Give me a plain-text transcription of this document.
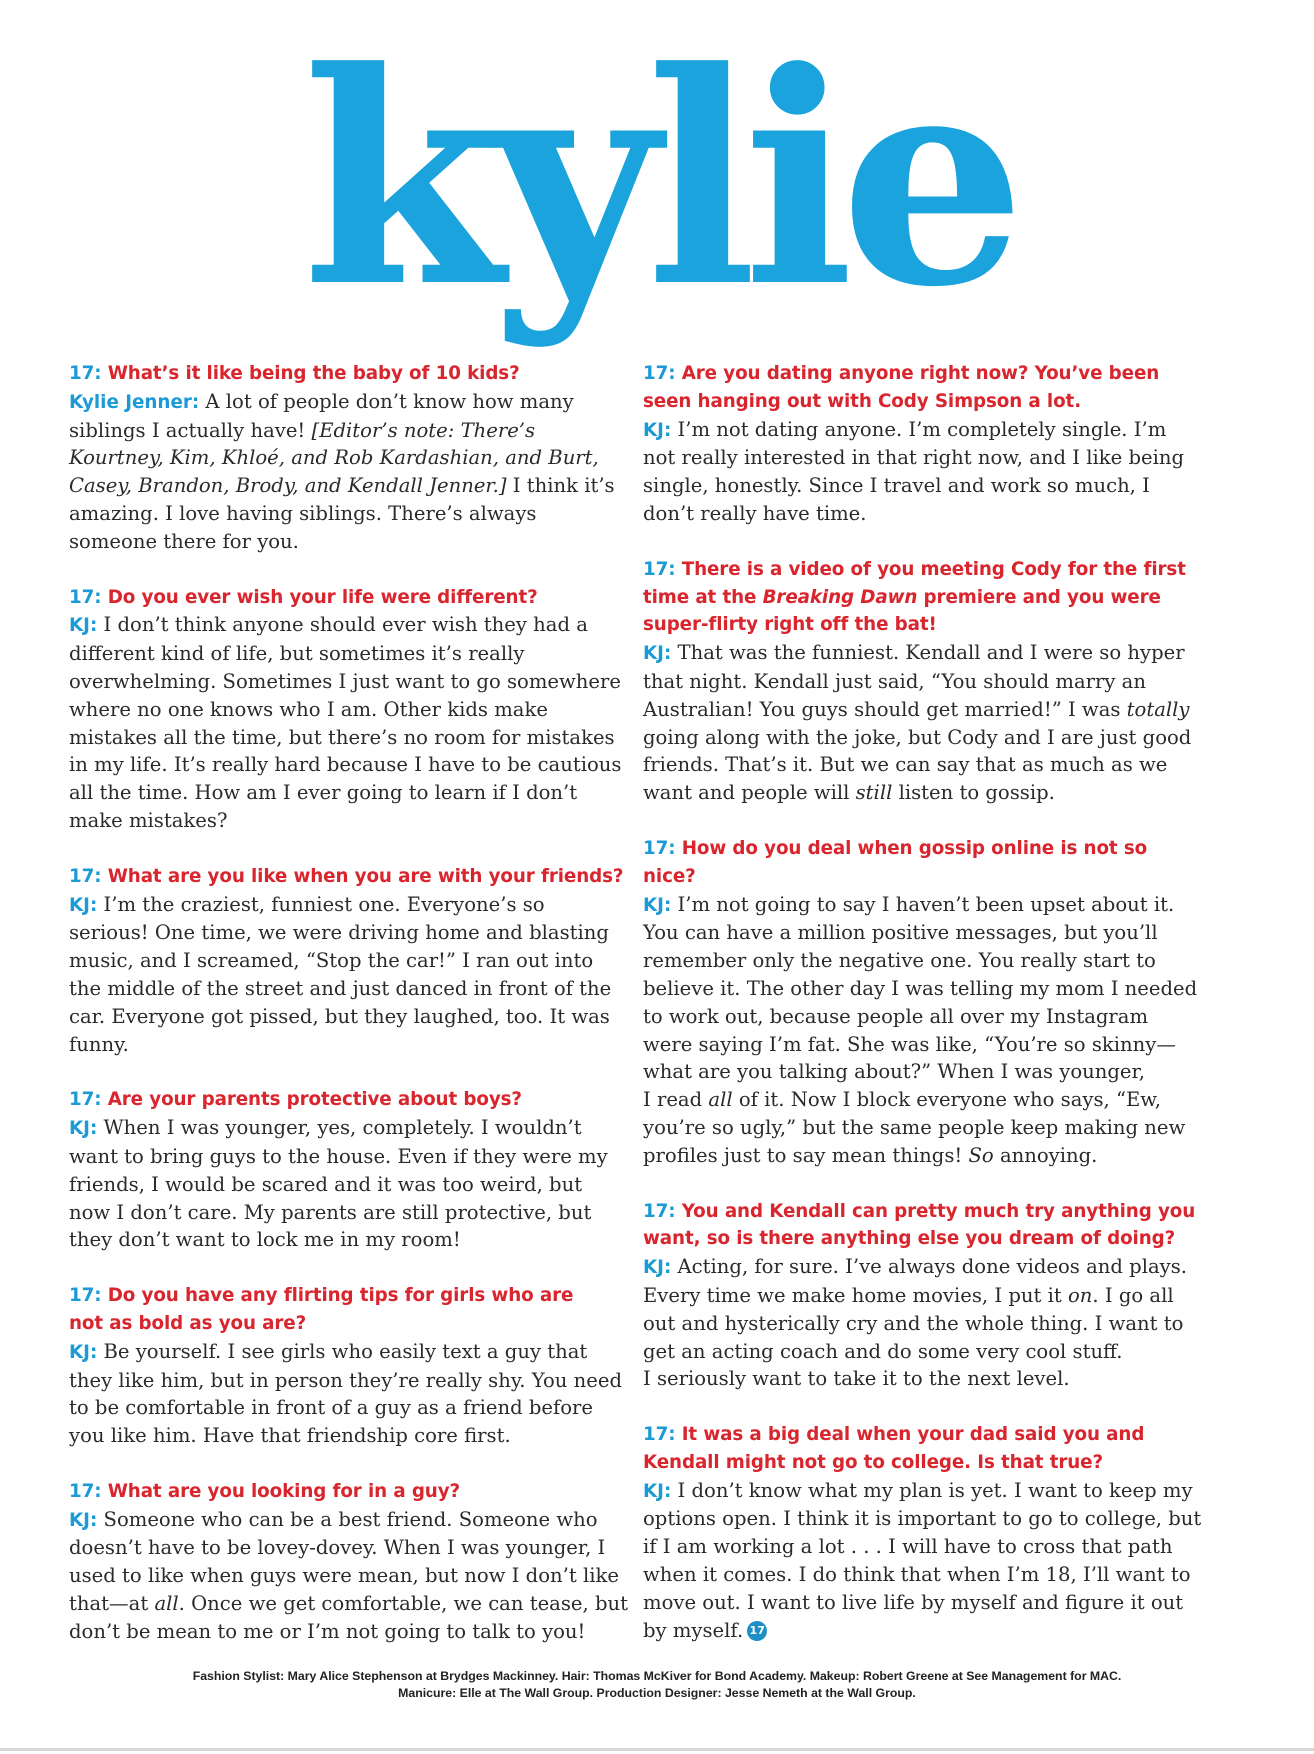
kylie
17: What’s it like being the baby of 10 kids?
Kylie Jenner: A lot of people don’t know how many siblings I actually have! [Editor’s note: There’s Kourtney, Kim, Khloé, and Rob Kardashian, and Burt, Casey, Brandon, Brody, and Kendall Jenner.] I think it’s amazing. I love having siblings. There’s always someone there for you.
17: Do you ever wish your life were different?
KJ: I don’t think anyone should ever wish they had a different kind of life, but sometimes it’s really overwhelming. Sometimes I just want to go somewhere where no one knows who I am. Other kids make mistakes all the time, but there’s no room for mistakes in my life. It’s really hard because I have to be cautious all the time. How am I ever going to learn if I don’t make mistakes?
17: What are you like when you are with your friends?
KJ: I’m the craziest, funniest one. Everyone’s so serious! One time, we were driving home and blasting music, and I screamed, “Stop the car!” I ran out into the middle of the street and just danced in front of the car. Everyone got pissed, but they laughed, too. It was funny.
17: Are your parents protective about boys?
KJ: When I was younger, yes, completely. I wouldn’t want to bring guys to the house. Even if they were my friends, I would be scared and it was too weird, but now I don’t care. My parents are still protective, but they don’t want to lock me in my room!
17: Do you have any flirting tips for girls who are
not as bold as you are?
KJ: Be yourself. I see girls who easily text a guy that they like him, but in person they’re really shy. You need to be comfortable in front of a guy as a friend before you like him. Have that friendship core first.
17: What are you looking for in a guy?
KJ: Someone who can be a best friend. Someone who doesn’t have to be lovey-dovey. When I was younger, I used to like when guys were mean, but now I don’t like that—at all. Once we get comfortable, we can tease, but don’t be mean to me or I’m not going to talk to you!
17: Are you dating anyone right now? You’ve been seen hanging out with Cody Simpson a lot.
KJ: I’m not dating anyone. I’m completely single. I’m not really interested in that right now, and I like being single, honestly. Since I travel and work so much, I don’t really have time.
17: There is a video of you meeting Cody for the first time at the Breaking Dawn premiere and you were super-flirty right off the bat!
KJ: That was the funniest. Kendall and I were so hyper that night. Kendall just said, “You should marry an Australian! You guys should get married!” I was totally going along with the joke, but Cody and I are just good friends. That’s it. But we can say that as much as we want and people will still listen to gossip.
17: How do you deal when gossip online is not so nice?
KJ: I’m not going to say I haven’t been upset about it. You can have a million positive messages, but you’ll remember only the negative one. You really start to believe it. The other day I was telling my mom I needed to work out, because people all over my Instagram were saying I’m fat. She was like, “You’re so skinny—what are you talking about?” When I was younger,
I read all of it. Now I block everyone who says, “Ew, you’re so ugly,” but the same people keep making new profiles just to say mean things! So annoying.
17: You and Kendall can pretty much try anything you want, so is there anything else you dream of doing?
KJ: Acting, for sure. I’ve always done videos and plays. Every time we make home movies, I put it on. I go all out and hysterically cry and the whole thing. I want to get an acting coach and do some very cool stuff.
I seriously want to take it to the next level.
17: It was a big deal when your dad said you and Kendall might not go to college. Is that true?
KJ: I don’t know what my plan is yet. I want to keep my options open. I think it is important to go to college, but if I am working a lot . . . I will have to cross that path when it comes. I do think that when I’m 18, I’ll want to move out. I want to live life by myself and figure it out by myself. 17
Fashion Stylist: Mary Alice Stephenson at Brydges Mackinney. Hair: Thomas McKiver for Bond Academy. Makeup: Robert Greene at See Management for MAC.
Manicure: Elle at The Wall Group. Production Designer: Jesse Nemeth at the Wall Group.
